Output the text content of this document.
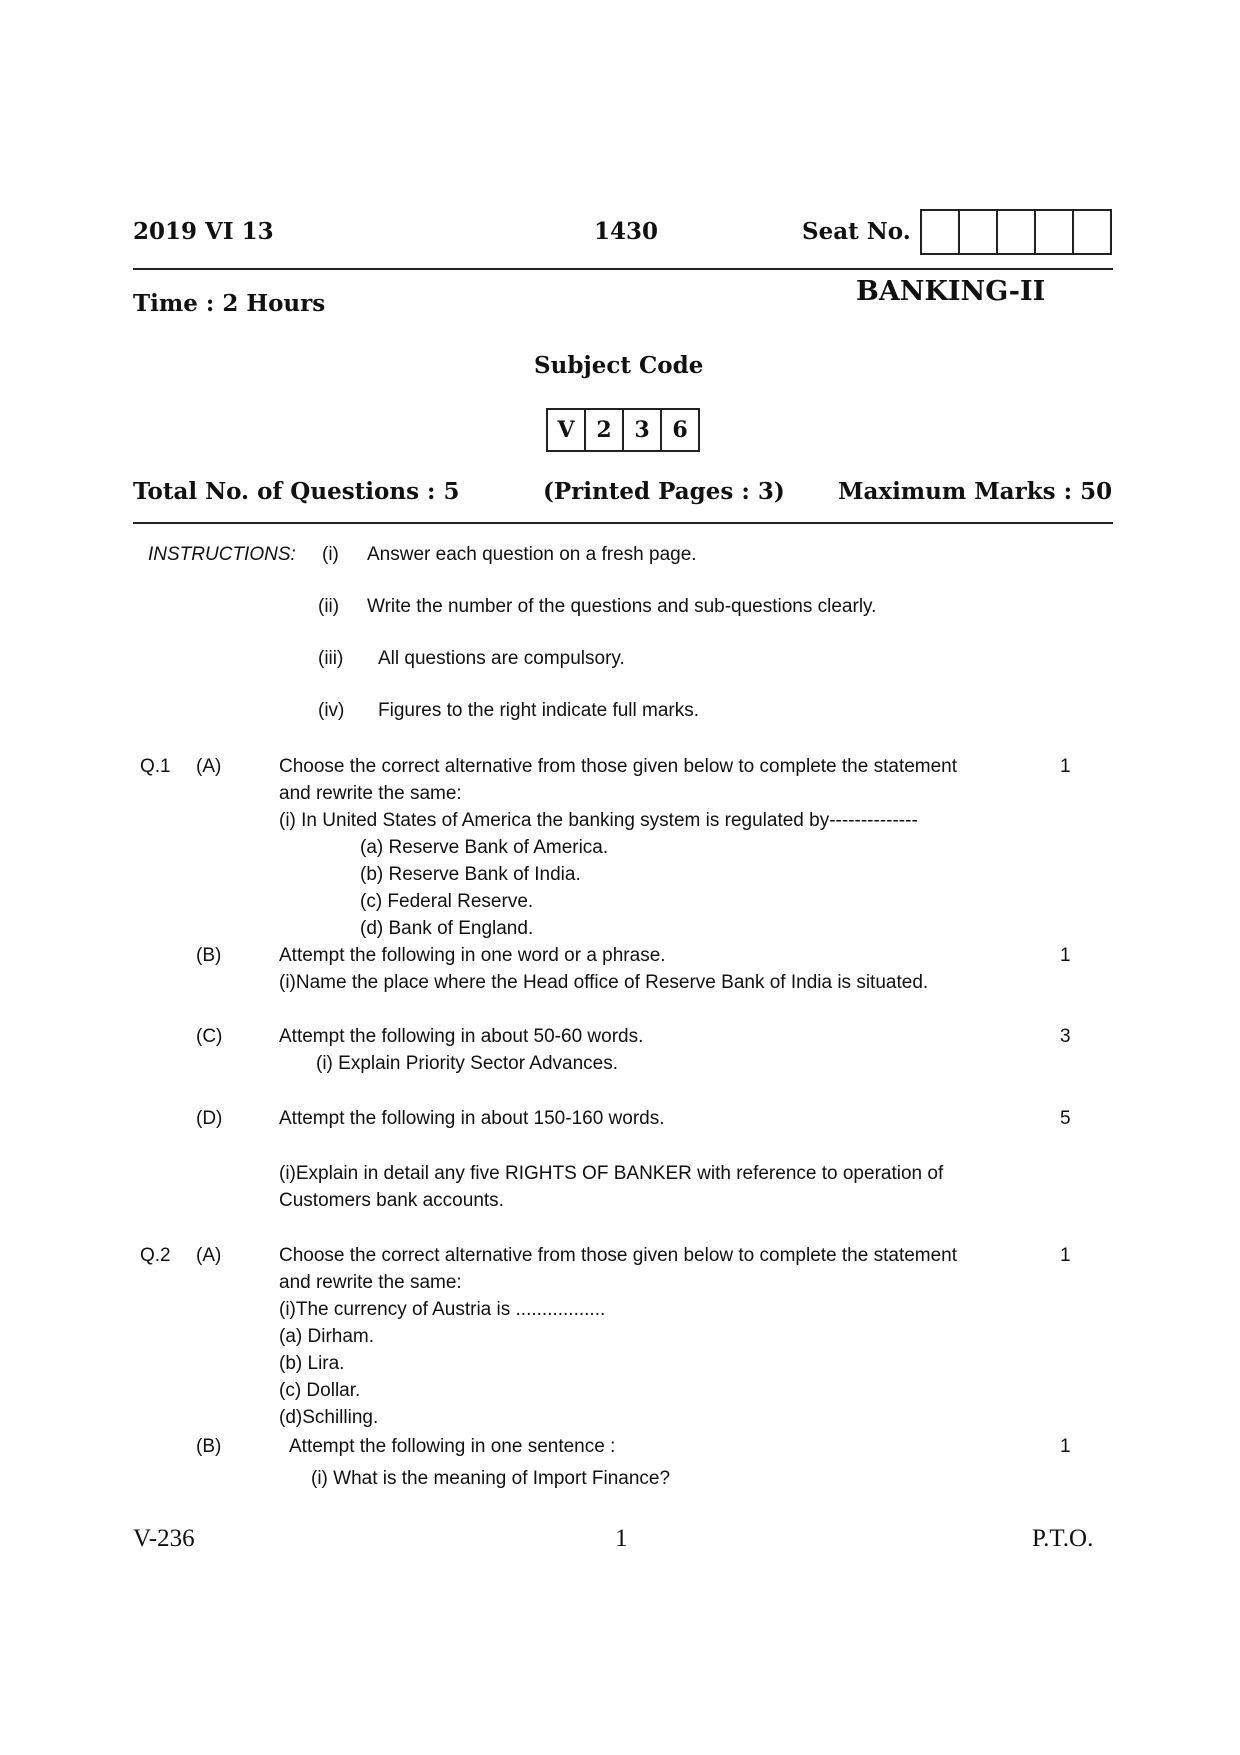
2019 VI 13	1430	Seat No.
Time : 2 Hours	BANKING-II
Subject Code
V 2	3	6
Total No. of Questions : 5	(Printed Pages : 3) Maximum Marks : 50
INSTRUCTIONS: (i) Answer each question on a fresh page.
(ii) Write the number of the questions and sub-questions clearly.
(iii) All questions are compulsory.
(iv) Figures to the right indicate full marks.
Q.1 (A)	Choose the correct alternative from those given below to complete the statement	1
and rewrite the same:
(i) In United States of America the banking system is regulated by--------------
(a) Reserve Bank of America.
(b) Reserve Bank of India.
(c) Federal Reserve.
(d) Bank of England.
(B)	Attempt the following in one word or a phrase.	1
(i)Name the place where the Head office of Reserve Bank of India is situated.
(C)	Attempt the following in about 50-60 words.	3
(i) Explain Priority Sector Advances.
(D)	Attempt the following in about 150-160 words.	5
(i)Explain in detail any five RIGHTS OF BANKER with reference to operation of
Customers bank accounts.
Q.2 (A)	Choose the correct alternative from those given below to complete the statement	1
and rewrite the same:
(i)The currency of Austria is .................
(a) Dirham.
(b) Lira.
(c) Dollar.
(d)Schilling.
(B)	Attempt the following in one sentence :	1
(i) What is the meaning of Import Finance?
V-236	1	P.T.O.
